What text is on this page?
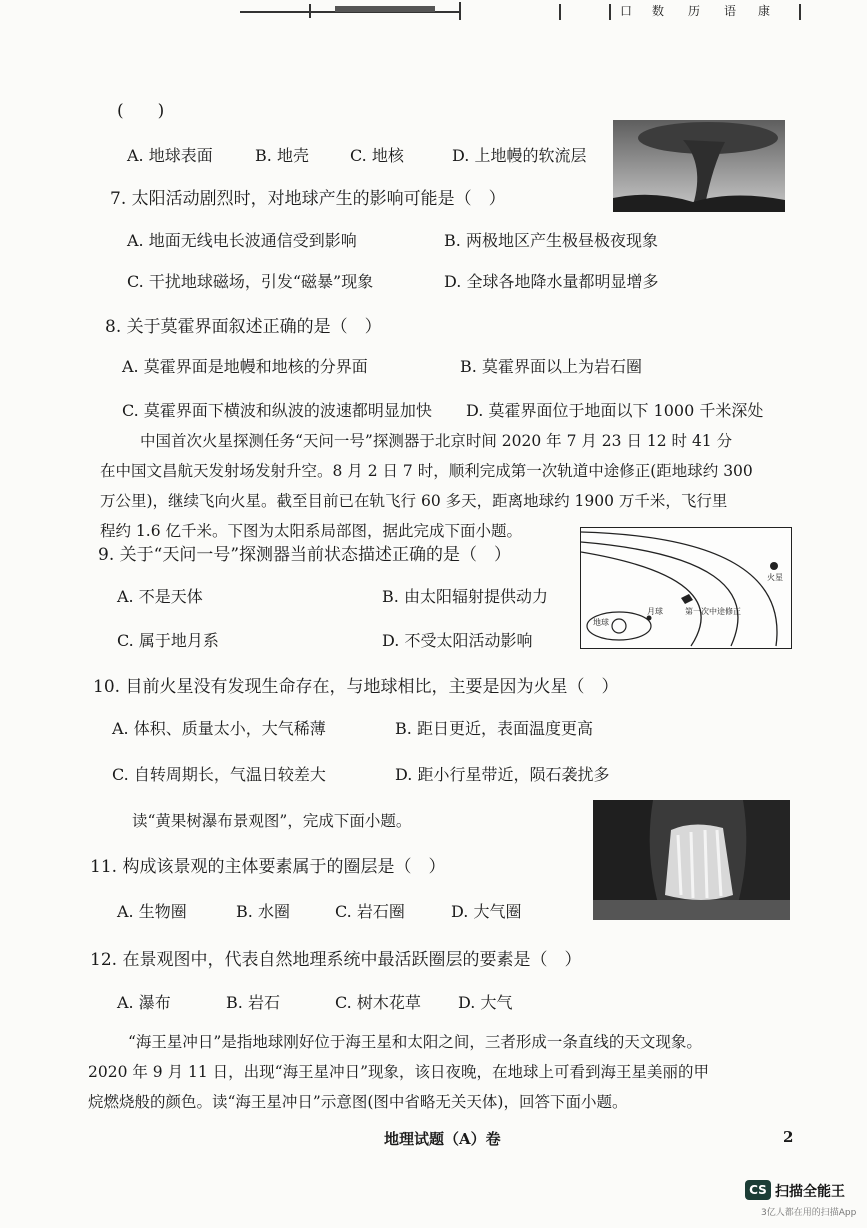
口 数 历 语 康
(　　)
A. 地球表面	B. 地壳	C. 地核	D. 上地幔的软流层
7. 太阳活动剧烈时，对地球产生的影响可能是（　）
A. 地面无线电长波通信受到影响	B. 两极地区产生极昼极夜现象
C. 干扰地球磁场，引发“磁暴”现象	D. 全球各地降水量都明显增多
8. 关于莫霍界面叙述正确的是（　）
A. 莫霍界面是地幔和地核的分界面	B. 莫霍界面以上为岩石圈
C. 莫霍界面下横波和纵波的波速都明显加快 D. 莫霍界面位于地面以下 1000 千米深处
中国首次火星探测任务“天问一号”探测器于北京时间 2020 年 7 月 23 日 12 时 41 分
在中国文昌航天发射场发射升空。8 月 2 日 7 时，顺利完成第一次轨道中途修正(距地球约 300
万公里)，继续飞向火星。截至目前已在轨飞行 60 多天，距离地球约 1900 万千米，飞行里
程约 1.6 亿千米。下图为太阳系局部图，据此完成下面小题。
9. 关于“天问一号”探测器当前状态描述正确的是（　）
A. 不是天体	B. 由太阳辐射提供动力
C. 属于地月系	D. 不受太阳活动影响
地球
月球
火星
第一次中途修正
10. 目前火星没有发现生命存在，与地球相比，主要是因为火星（　）
A. 体积、质量太小，大气稀薄	B. 距日更近，表面温度更高
C. 自转周期长，气温日较差大	D. 距小行星带近，陨石袭扰多
读“黄果树瀑布景观图”，完成下面小题。
11. 构成该景观的主体要素属于的圈层是（　）
A. 生物圈	B. 水圈	C. 岩石圈	D. 大气圈
12. 在景观图中，代表自然地理系统中最活跃圈层的要素是（　）
A. 瀑布	B. 岩石	C. 树木花草 D. 大气
“海王星冲日”是指地球刚好位于海王星和太阳之间，三者形成一条直线的天文现象。
2020 年 9 月 11 日，出现“海王星冲日”现象，该日夜晚，在地球上可看到海王星美丽的甲
烷燃烧般的颜色。读“海王星冲日”示意图(图中省略无关天体)，回答下面小题。
地理试题（A）卷	2
CS 扫描全能王
3亿人都在用的扫描App
